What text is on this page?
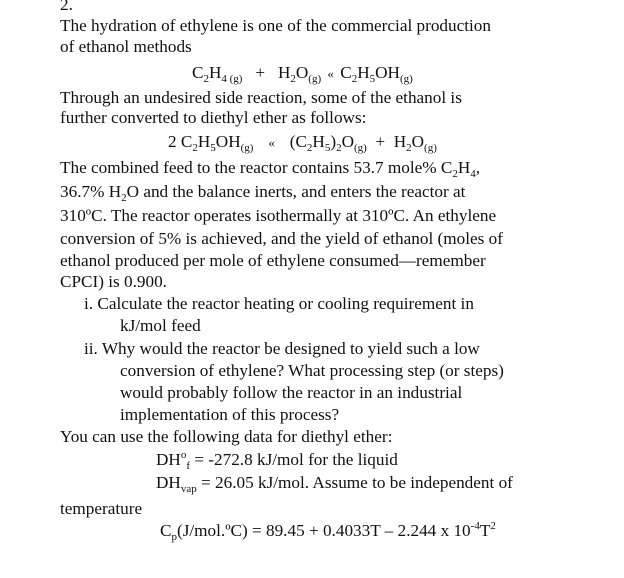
2.
The hydration of ethylene is one of the commercial production
of ethanol methods
$C_2H_{4 (g)} + H_2O_{(g)}$ « $C_2H_5OH_{(g)}$
Through an undesired side reaction, some of the ethanol is
further converted to diethyl ether as follows:
2 $C_2H_5OH_{(g)}$ « $(C_2H_5)_2O_{(g)} + H_2O_{(g)}$
The combined feed to the reactor contains 53.7 mole% $C_2H_4$,
36.7% $H_2O$ and the balance inerts, and enters the reactor at
310ºC. The reactor operates isothermally at 310ºC. An ethylene
conversion of 5% is achieved, and the yield of ethanol (moles of
ethanol produced per mole of ethylene consumed—remember
CPCI) is 0.900.
i. Calculate the reactor heating or cooling requirement in
kJ/mol feed
ii. Why would the reactor be designed to yield such a low
conversion of ethylene? What processing step (or steps)
would probably follow the reactor in an industrial
implementation of this process?
You can use the following data for diethyl ether:
$DH^o_f = -272.8$ kJ/mol for the liquid
$DH_{vap} = 26.05$ kJ/mol. Assume to be independent of
temperature
$C_p(J/mol.ºC) = 89.45 + 0.4033T - 2.244$ x $10^{-4}T^2$
